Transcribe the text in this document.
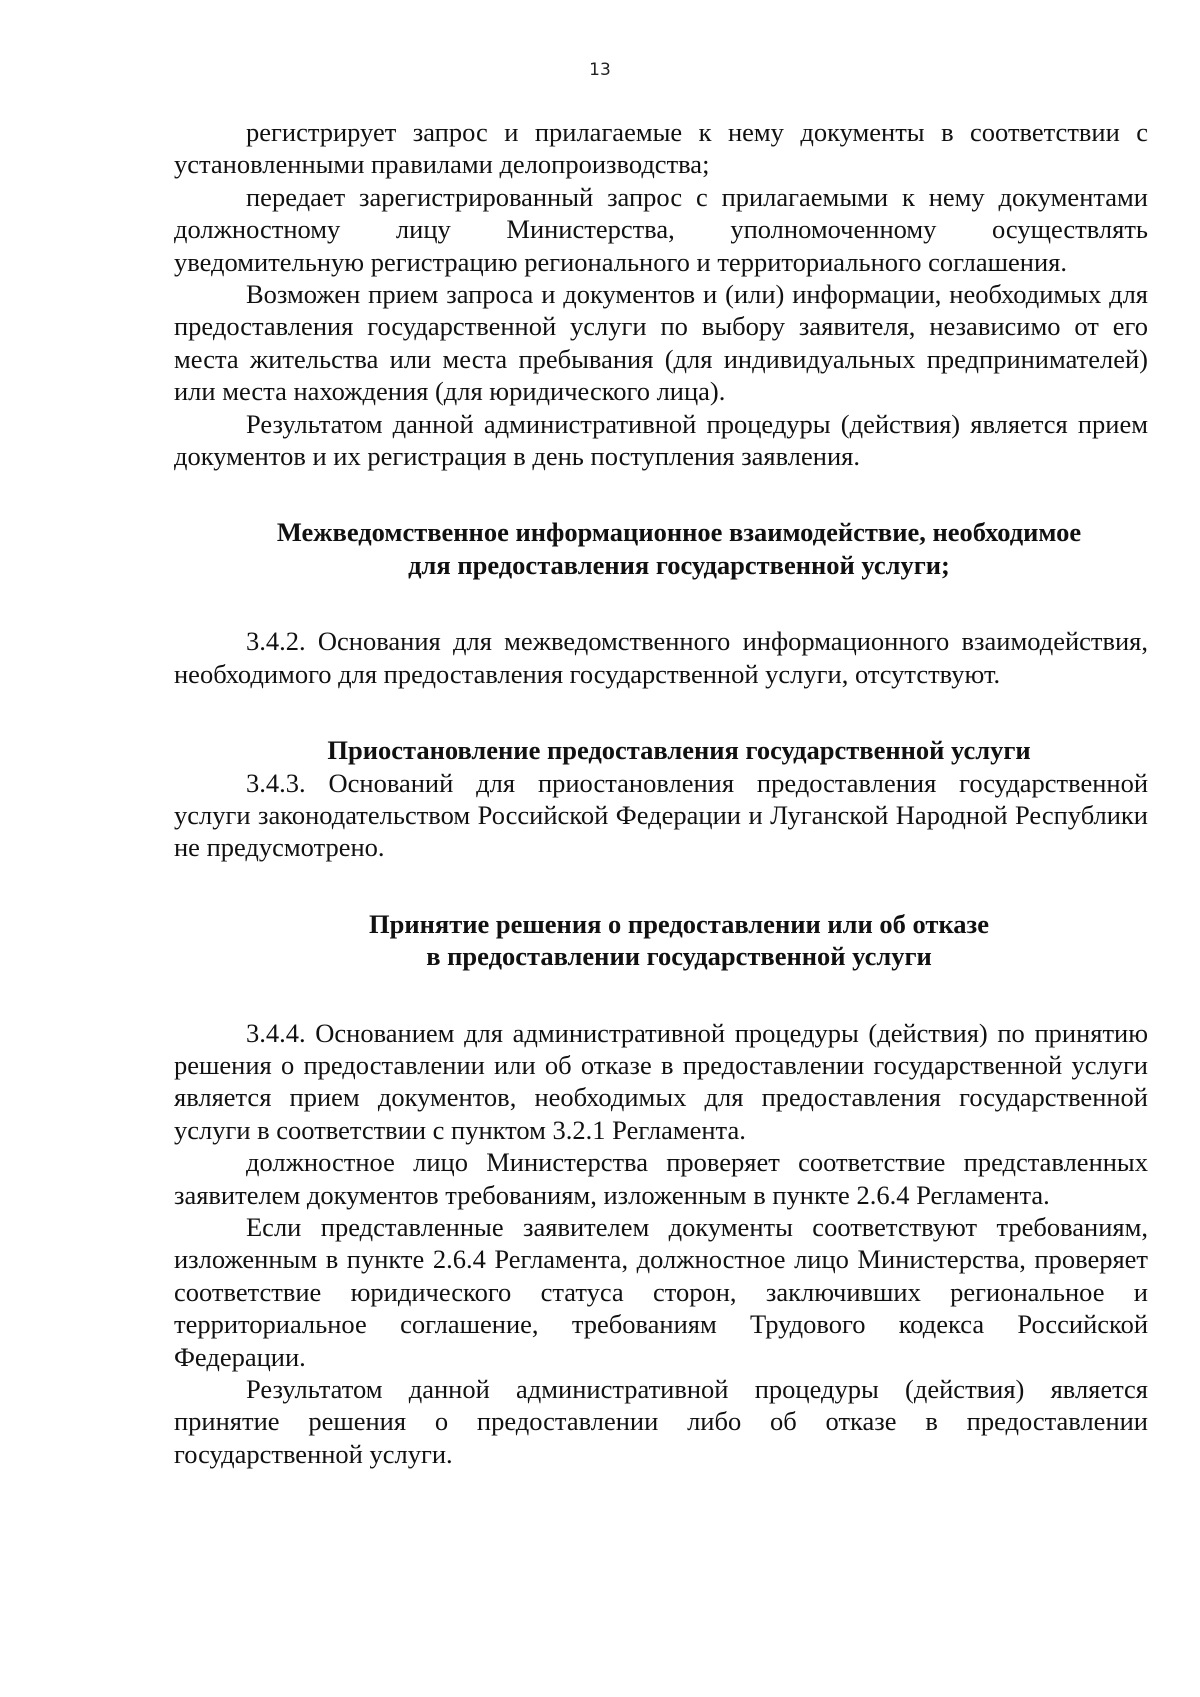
13

регистрирует запрос и прилагаемые к нему документы в соответствии с установленными правилами делопроизводства;

передает зарегистрированный запрос с прилагаемыми к нему документами должностному лицу Министерства, уполномоченному осуществлять уведомительную регистрацию регионального и территориального соглашения.

Возможен прием запроса и документов и (или) информации, необходимых для предоставления государственной услуги по выбору заявителя, независимо от его места жительства или места пребывания (для индивидуальных предпринимателей) или места нахождения (для юридического лица).

Результатом данной административной процедуры (действия) является прием документов и их регистрация в день поступления заявления.

Межведомственное информационное взаимодействие, необходимое
для предоставления государственной услуги;

3.4.2. Основания для межведомственного информационного взаимодействия, необходимого для предоставления государственной услуги, отсутствуют.

Приостановление предоставления государственной услуги

3.4.3. Оснований для приостановления предоставления государственной услуги законодательством Российской Федерации и Луганской Народной Республики не предусмотрено.

Принятие решения о предоставлении или об отказе
в предоставлении государственной услуги

3.4.4. Основанием для административной процедуры (действия) по принятию решения о предоставлении или об отказе в предоставлении государственной услуги является прием документов, необходимых для предоставления государственной услуги в соответствии с пунктом 3.2.1 Регламента.

должностное лицо Министерства проверяет соответствие представленных заявителем документов требованиям, изложенным в пункте 2.6.4 Регламента.

Если представленные заявителем документы соответствуют требованиям, изложенным в пункте 2.6.4 Регламента, должностное лицо Министерства, проверяет соответствие юридического статуса сторон, заключивших региональное и территориальное соглашение, требованиям Трудового кодекса Российской Федерации.

Результатом данной административной процедуры (действия) является принятие решения о предоставлении либо об отказе в предоставлении государственной услуги.
